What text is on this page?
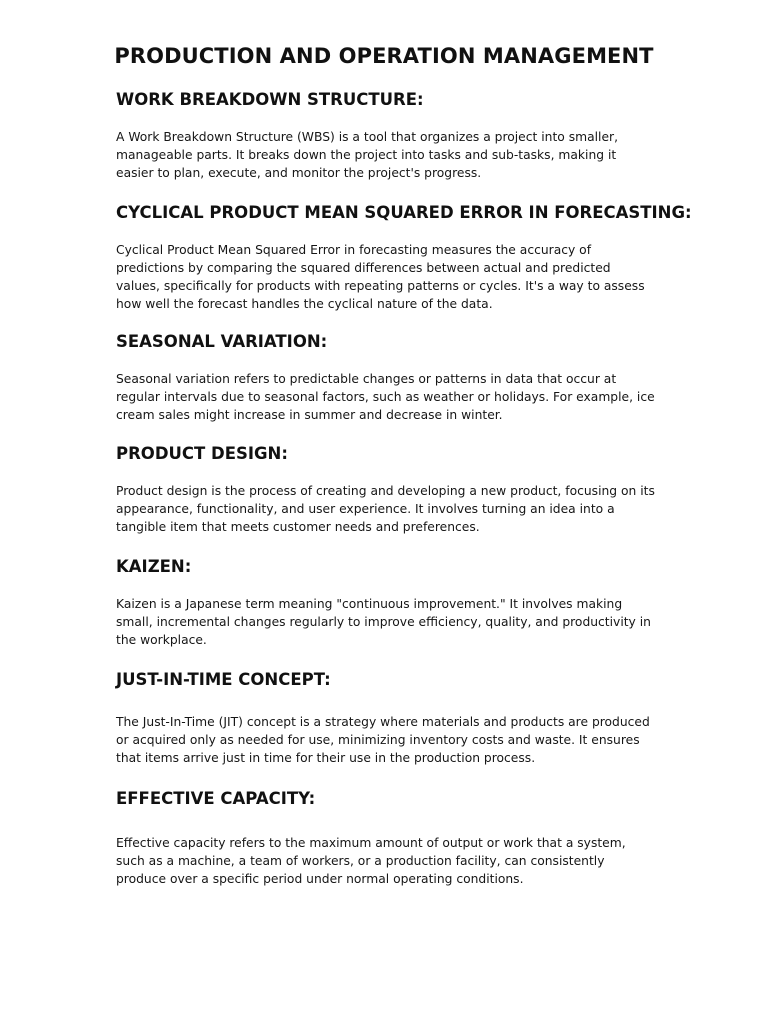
PRODUCTION AND OPERATION MANAGEMENT
WORK BREAKDOWN STRUCTURE:

A Work Breakdown Structure (WBS) is a tool that organizes a project into smaller, manageable parts. It breaks down the project into tasks and sub-tasks, making it easier to plan, execute, and monitor the project's progress.

CYCLICAL PRODUCT MEAN SQUARED ERROR IN FORECASTING:

Cyclical Product Mean Squared Error in forecasting measures the accuracy of predictions by comparing the squared differences between actual and predicted values, specifically for products with repeating patterns or cycles. It's a way to assess how well the forecast handles the cyclical nature of the data.

SEASONAL VARIATION:

Seasonal variation refers to predictable changes or patterns in data that occur at regular intervals due to seasonal factors, such as weather or holidays. For example, ice cream sales might increase in summer and decrease in winter.

PRODUCT DESIGN:

Product design is the process of creating and developing a new product, focusing on its appearance, functionality, and user experience. It involves turning an idea into a tangible item that meets customer needs and preferences.

KAIZEN:

Kaizen is a Japanese term meaning "continuous improvement." It involves making small, incremental changes regularly to improve efficiency, quality, and productivity in the workplace.

JUST-IN-TIME CONCEPT:

The Just-In-Time (JIT) concept is a strategy where materials and products are produced or acquired only as needed for use, minimizing inventory costs and waste. It ensures that items arrive just in time for their use in the production process.

EFFECTIVE CAPACITY:

Effective capacity refers to the maximum amount of output or work that a system, such as a machine, a team of workers, or a production facility, can consistently produce over a specific period under normal operating conditions.
